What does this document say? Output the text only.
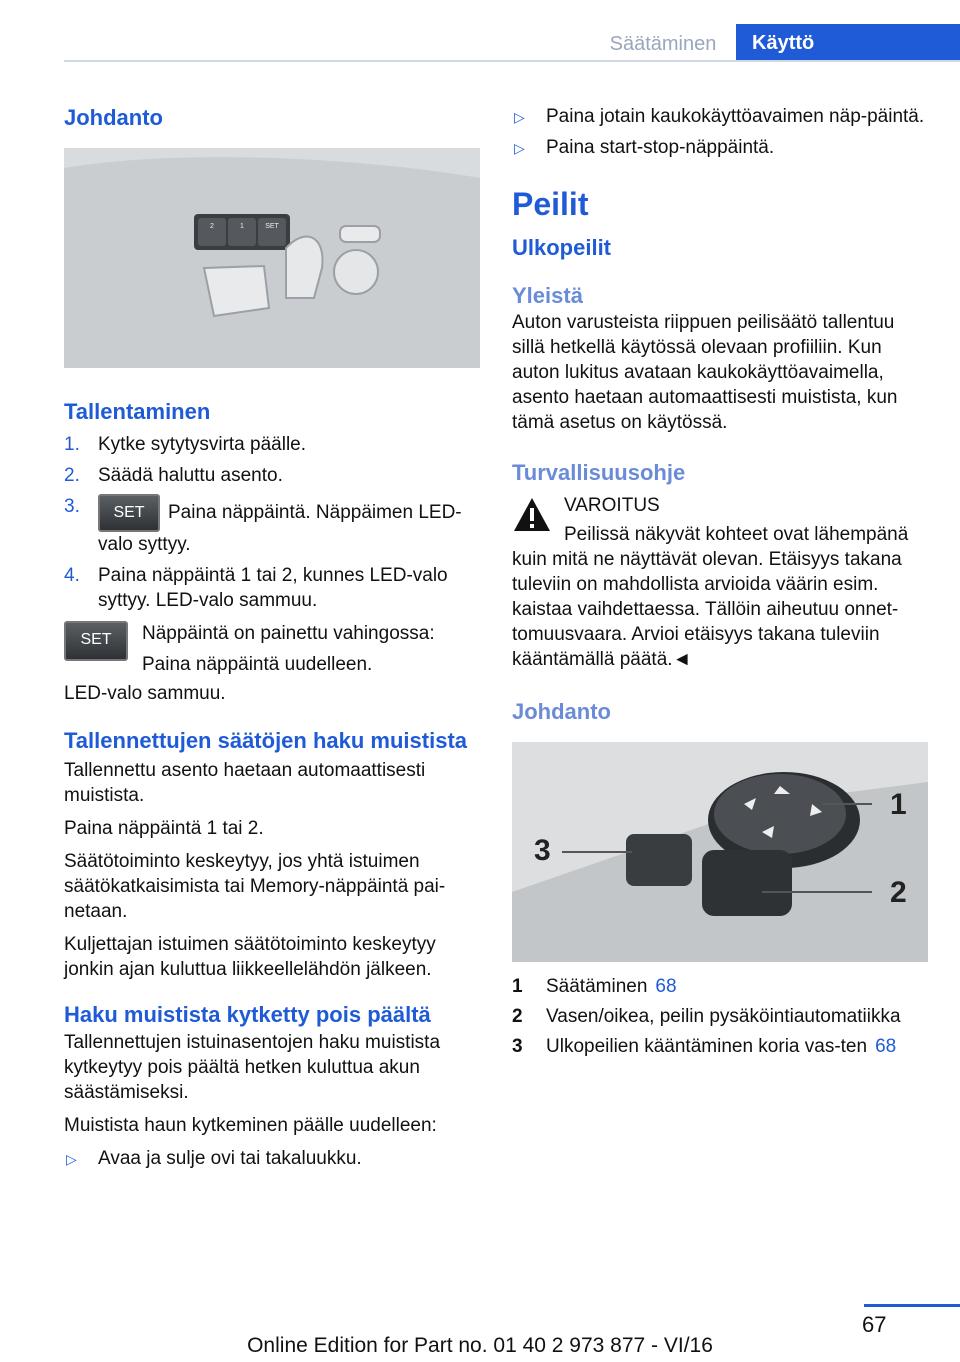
Säätäminen	Käyttö
Johdanto
2	1	SET
Tallentaminen
1. Kytke sytytysvirta päälle.
2. Säädä haluttu asento.
3. SET Paina näppäintä. Näppäimen LED-valo syttyy.
4. Paina näppäintä 1 tai 2, kunnes LED-valo syttyy. LED-valo sammuu.
SET	Näppäintä on painettu vahingossa:

Paina näppäintä uudelleen.

LED-valo sammuu.

Tallennettujen säätöjen haku muistista

Tallennettu asento haetaan automaattisesti muistista.

Paina näppäintä 1 tai 2.

Säätötoiminto keskeytyy, jos yhtä istuimen säätökatkaisimista tai Memory-näppäintä pai-netaan.

Kuljettajan istuimen säätötoiminto keskeytyy jonkin ajan kuluttua liikkeellelähdön jälkeen.

Haku muistista kytketty pois päältä

Tallennettujen istuinasentojen haku muistista kytkeytyy pois päältä hetken kuluttua akun säästämiseksi.

Muistista haun kytkeminen päälle uudelleen:

▷ Avaa ja sulje ovi tai takaluukku.
▷ Paina jotain kaukokäyttöavaimen näp-päintä.
▷ Paina start-stop-näppäintä.
Peilit
Ulkopeilit
Yleistä

Auton varusteista riippuen peilisäätö tallentuu sillä hetkellä käytössä olevaan profiiliin. Kun auton lukitus avataan kaukokäyttöavaimella, asento haetaan automaattisesti muistista, kun tämä asetus on käytössä.

Turvallisuusohje

VAROITUS

Peilissä näkyvät kohteet ovat lähempänä kuin mitä ne näyttävät olevan. Etäisyys takana tuleviin on mahdollista arvioida väärin esim. kaistaa vaihdettaessa. Tällöin aiheutuu onnet-tomuusvaara. Arvioi etäisyys takana tuleviin kääntämällä päätä.◄

Johdanto
1
2
3
1	Säätäminen 68
2	Vasen/oikea, peilin pysäköintiautomatiikka
3	Ulkopeilien kääntäminen koria vas-ten 68
67
Online Edition for Part no. 01 40 2 973 877 - VI/16
